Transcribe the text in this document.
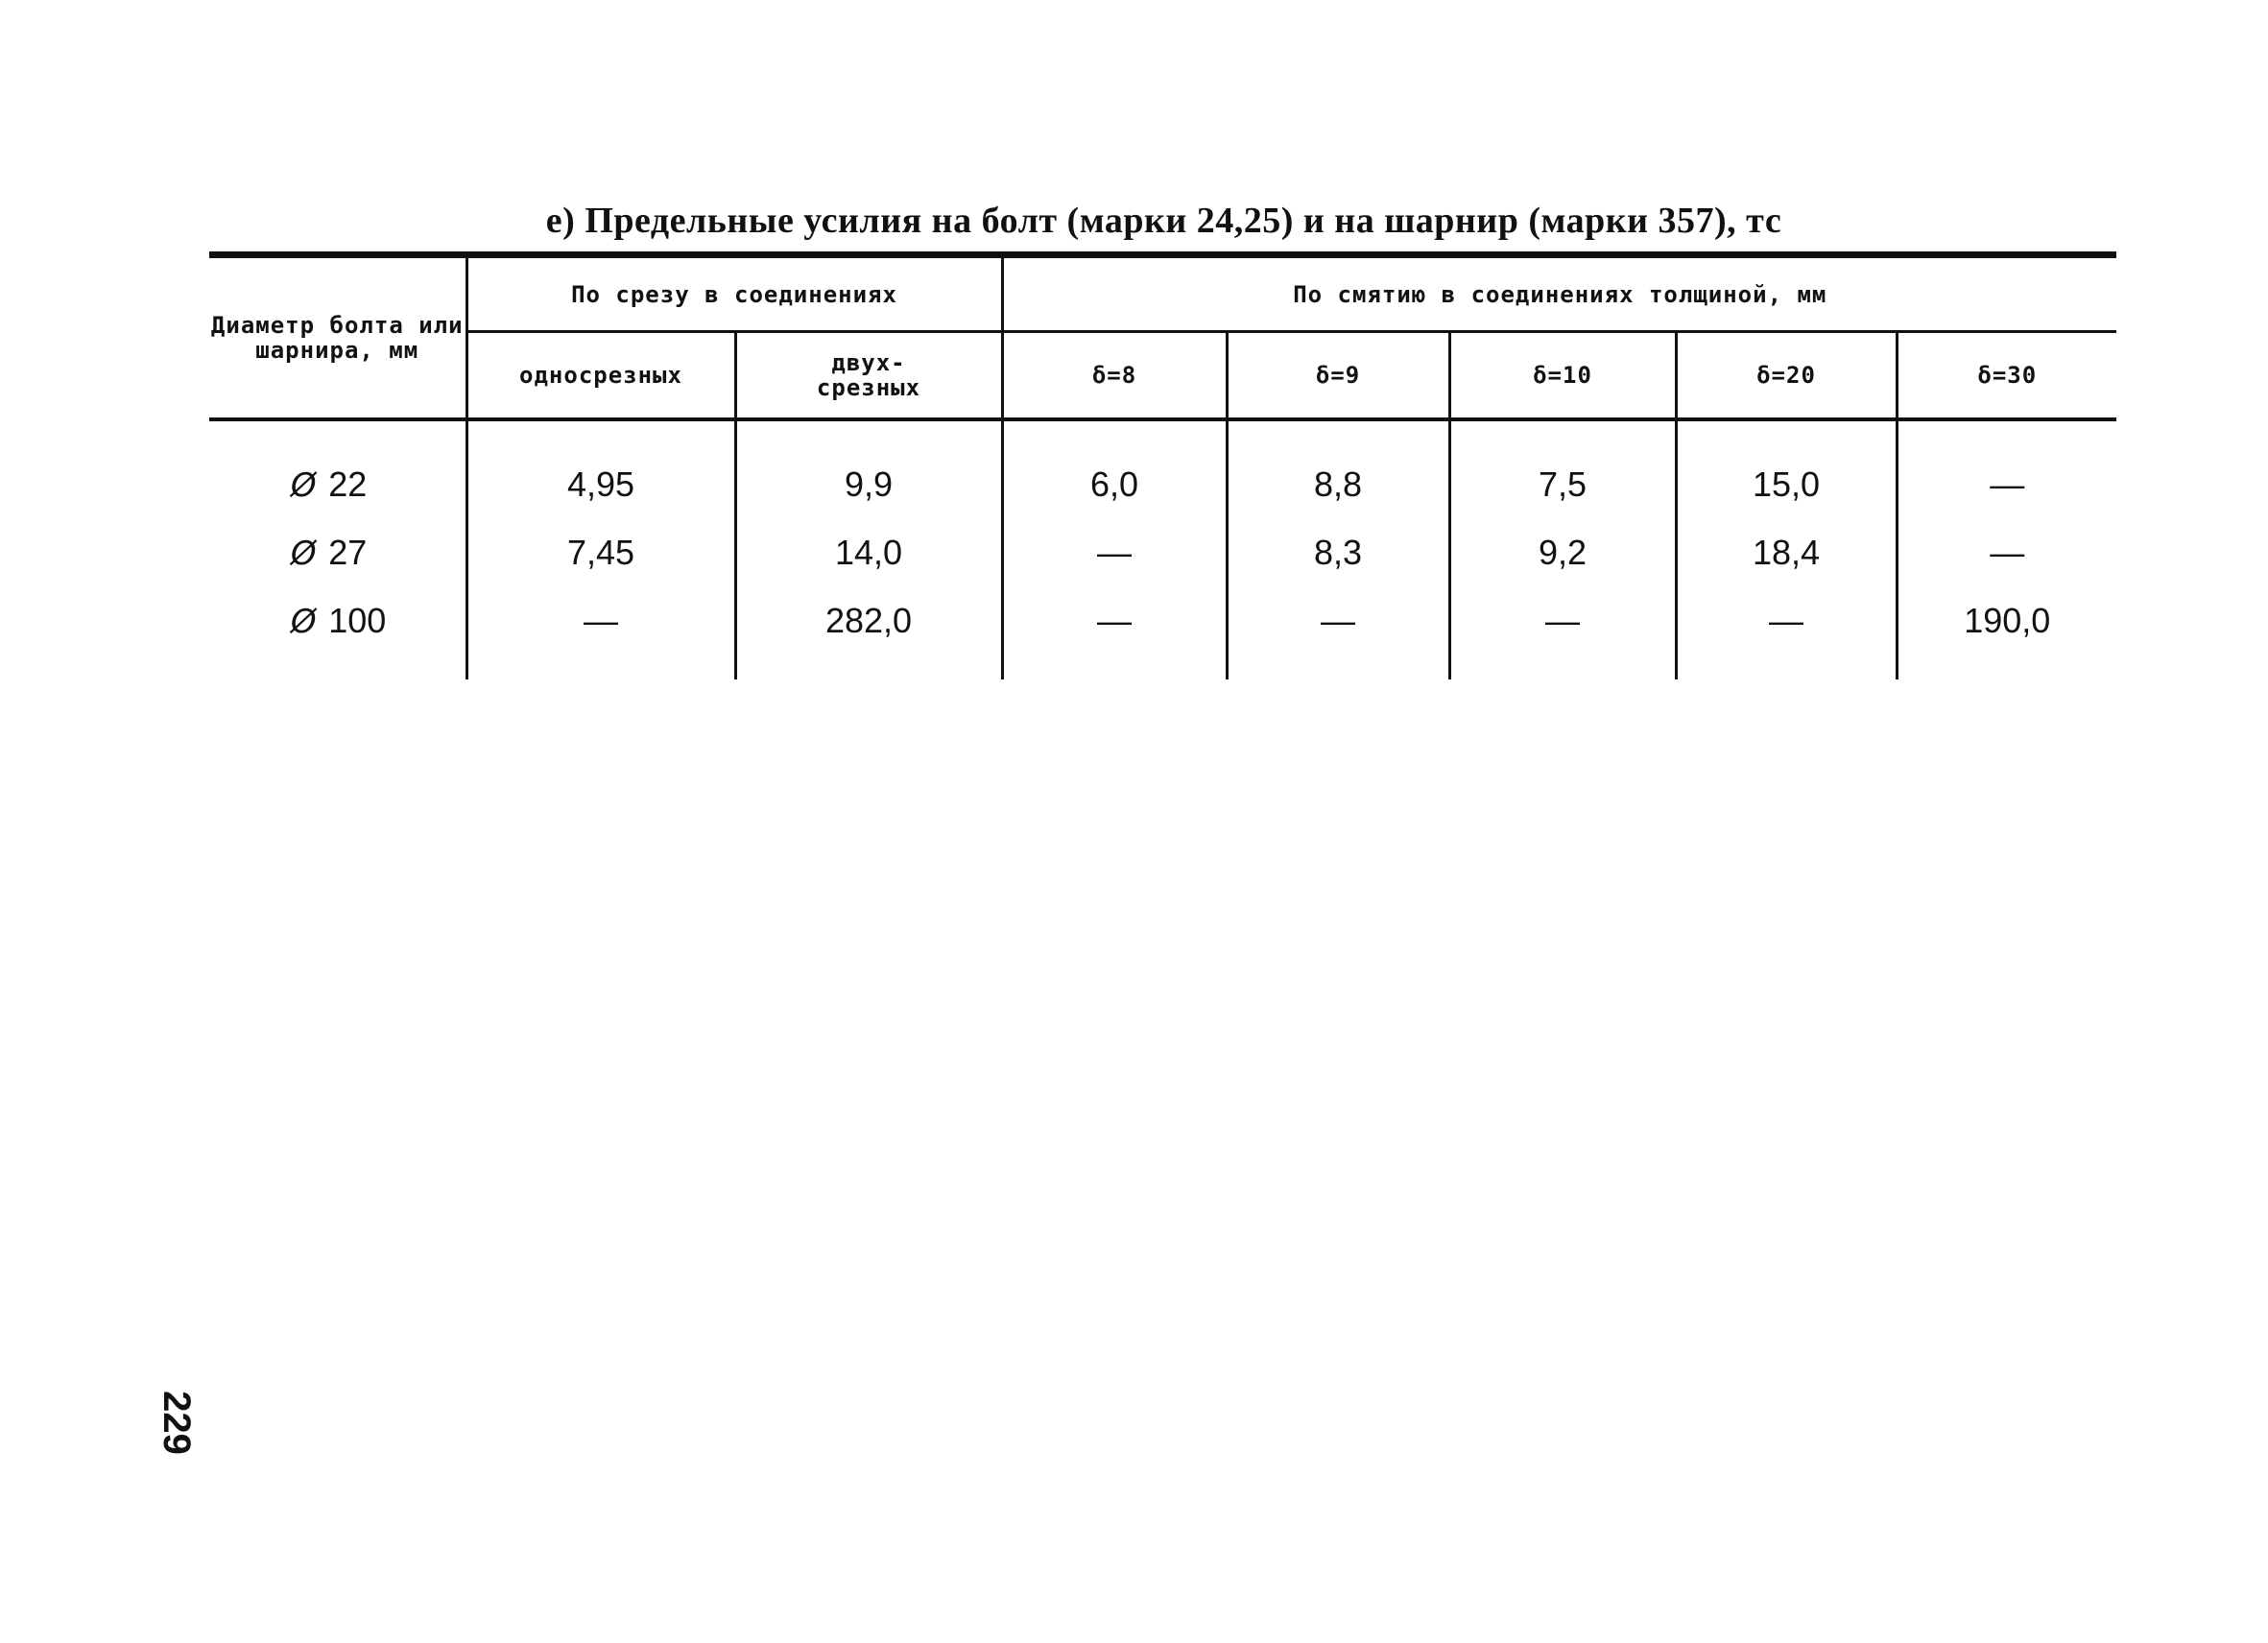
е) Предельные усилия на болт (марки 24,25) и на шарнир (марки 357), тс
Диаметр болта или шарнира, мм	По срезу в соединениях		По смятию в соединениях толщиной, мм				
	односрезных	двух-
срезных	δ=8	δ=9	δ=10	δ=20	δ=30
Ø 22	4,95	9,9	6,0	8,8	7,5	15,0	—
Ø 27	7,45	14,0	—	8,3	9,2	18,4	—
Ø 100	—	282,0	—	—	—	—	190,0
229
